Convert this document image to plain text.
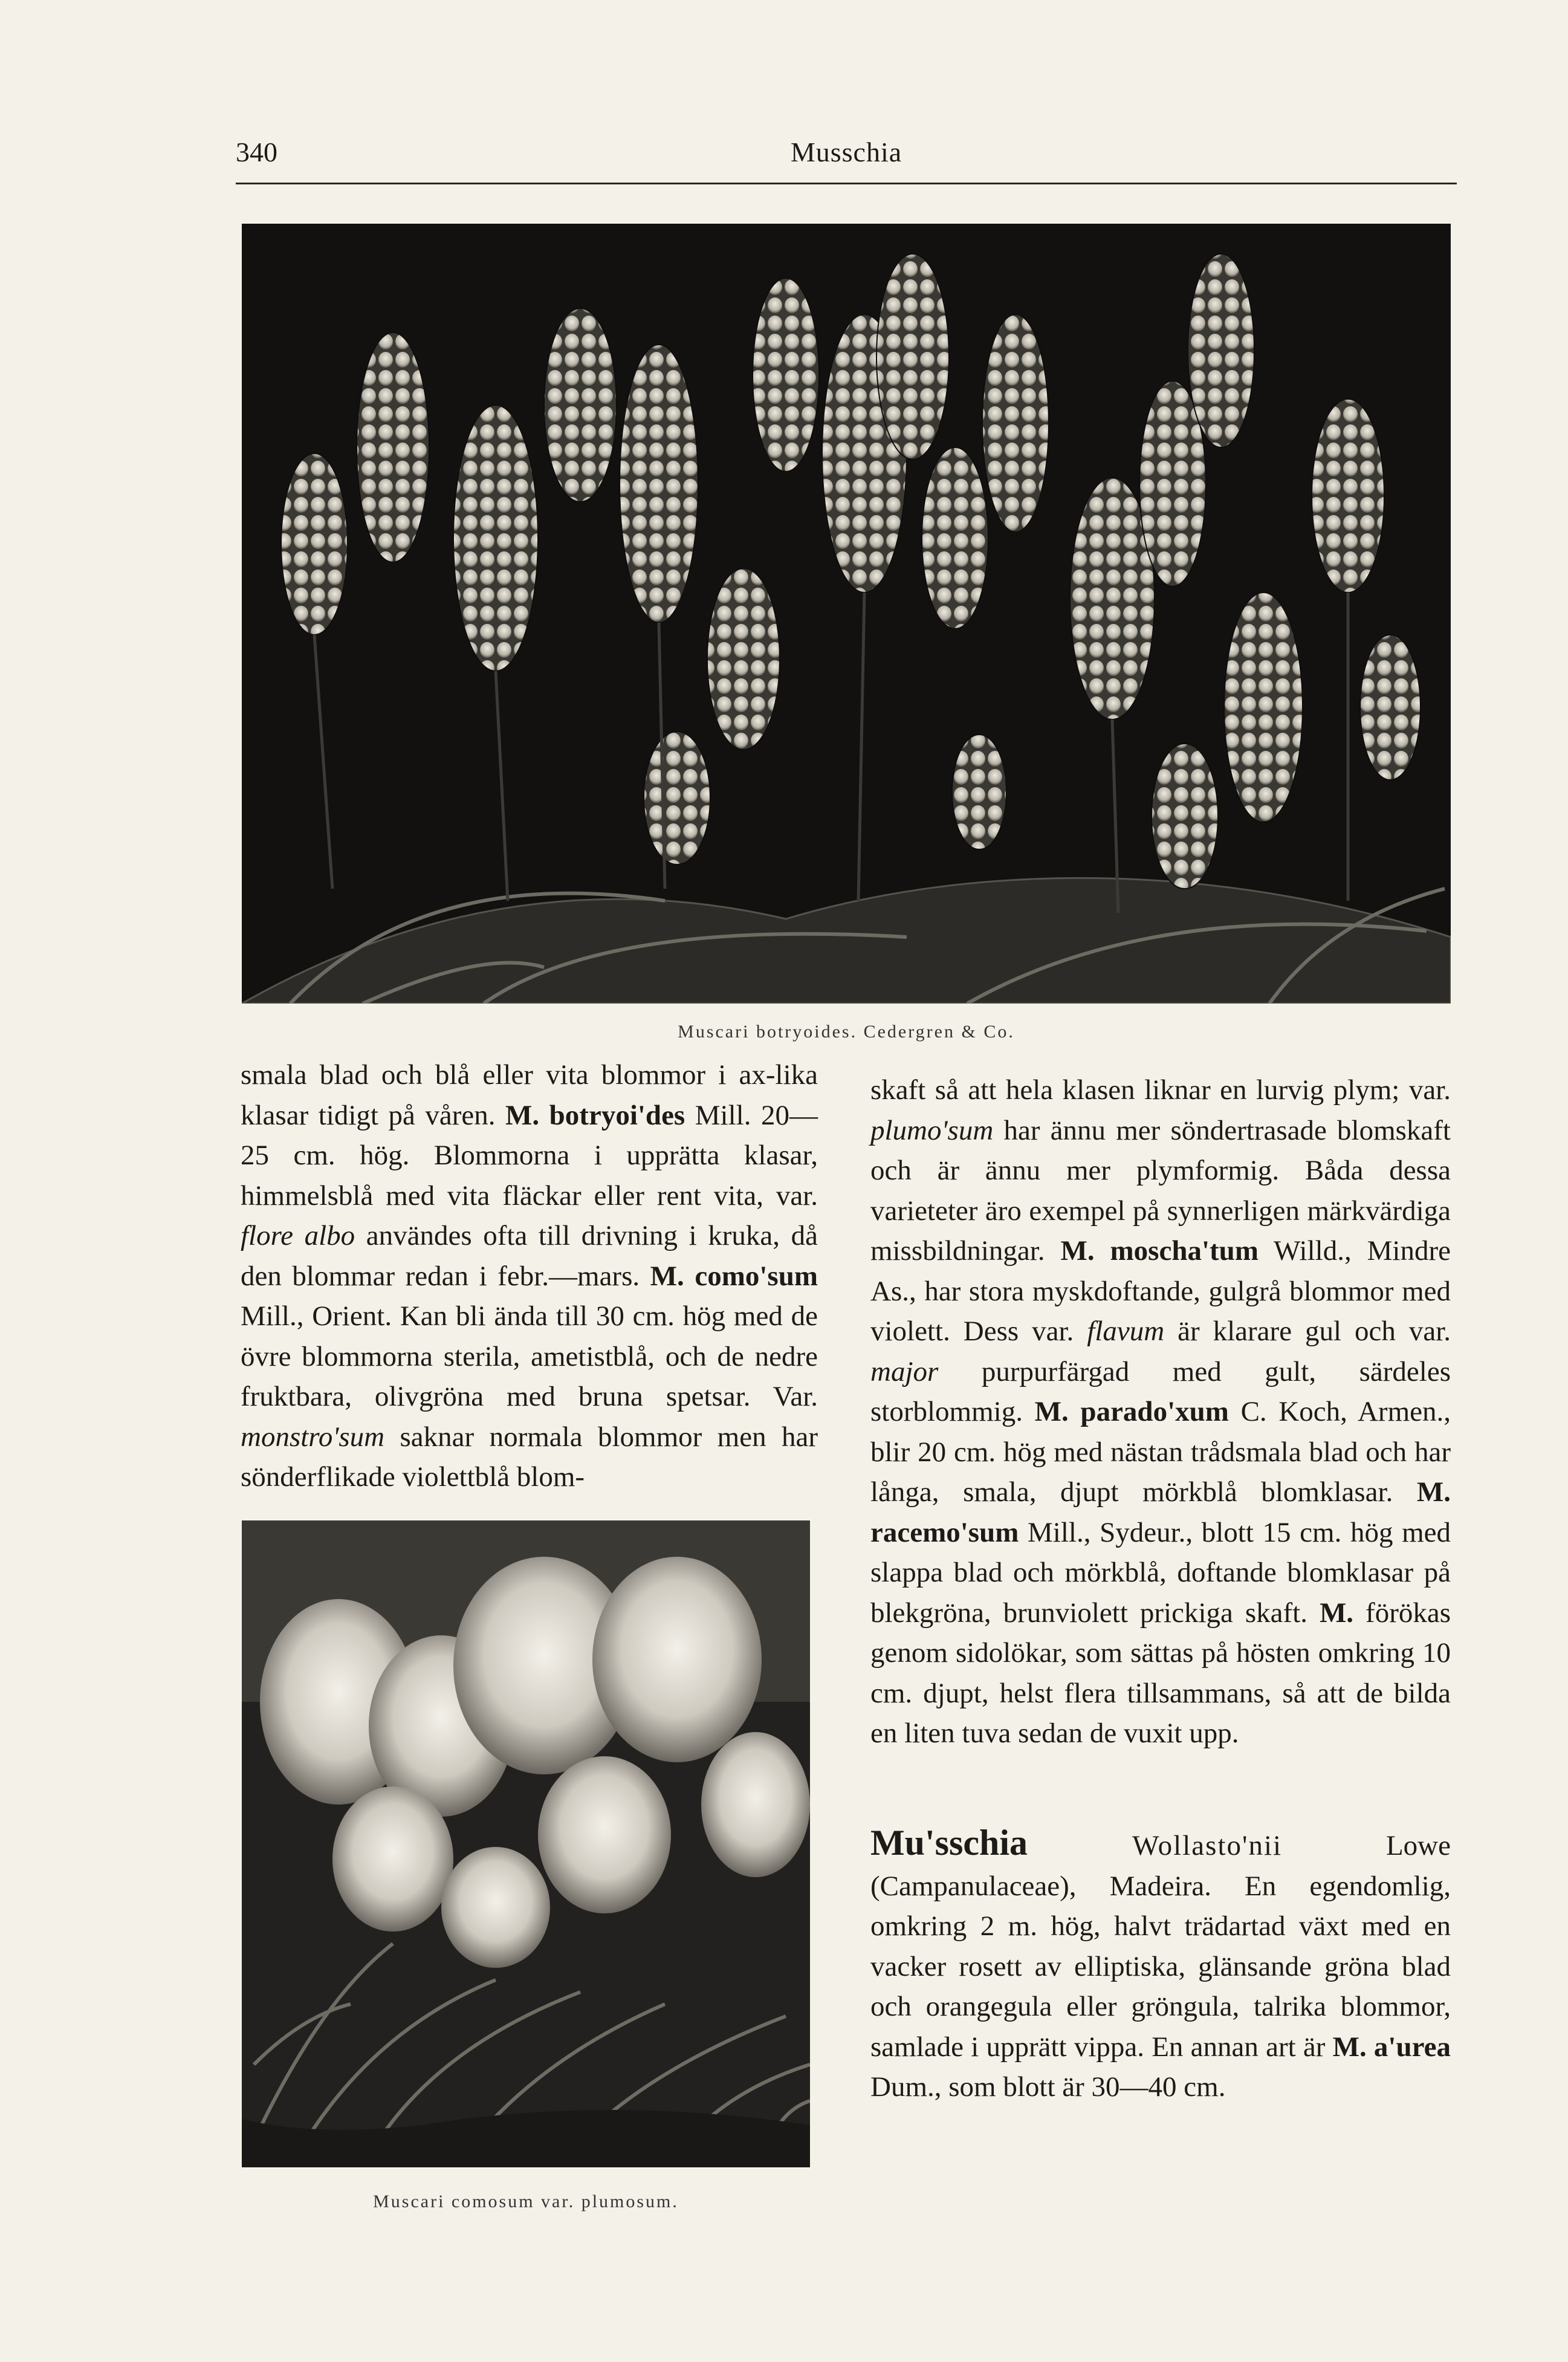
Musschia
340
Muscari botryoides. Cedergren & Co.

smala blad och blå eller vita blommor i ax-lika klasar tidigt på våren. M. botryoi'des Mill. 20—25 cm. hög. Blommorna i upprätta klasar, himmelsblå med vita fläckar eller rent vita, var. flore albo användes ofta till drivning i kruka, då den blommar redan i febr.—mars. M. como'sum Mill., Orient. Kan bli ända till 30 cm. hög med de övre blommorna sterila, ametistblå, och de nedre fruktbara, olivgröna med bruna spetsar. Var. monstro'sum saknar normala blommor men har sönderflikade violettblå blom-

Muscari comosum var. plumosum.

skaft så att hela klasen liknar en lurvig plym; var. plumo'sum har ännu mer söndertrasade blomskaft och är ännu mer plymformig. Båda dessa varieteter äro exempel på synnerligen märkvärdiga missbildningar. M. moscha'tum Willd., Mindre As., har stora myskdoftande, gulgrå blommor med violett. Dess var. flavum är klarare gul och var. major purpurfärgad med gult, särdeles storblommig. M. parado'xum C. Koch, Armen., blir 20 cm. hög med nästan trådsmala blad och har långa, smala, djupt mörkblå blomklasar. M. racemo'sum Mill., Sydeur., blott 15 cm. hög med slappa blad och mörkblå, doftande blomklasar på blekgröna, brunviolett prickiga skaft. M. förökas genom sidolökar, som sättas på hösten omkring 10 cm. djupt, helst flera tillsammans, så att de bilda en liten tuva sedan de vuxit upp.

Mu'sschia Wollasto'nii Lowe (Campanulaceae), Madeira. En egendomlig, omkring 2 m. hög, halvt trädartad växt med en vacker rosett av elliptiska, glänsande gröna blad och orangegula eller gröngula, talrika blommor, samlade i upprätt vippa. En annan art är M. a'urea Dum., som blott är 30—40 cm.
